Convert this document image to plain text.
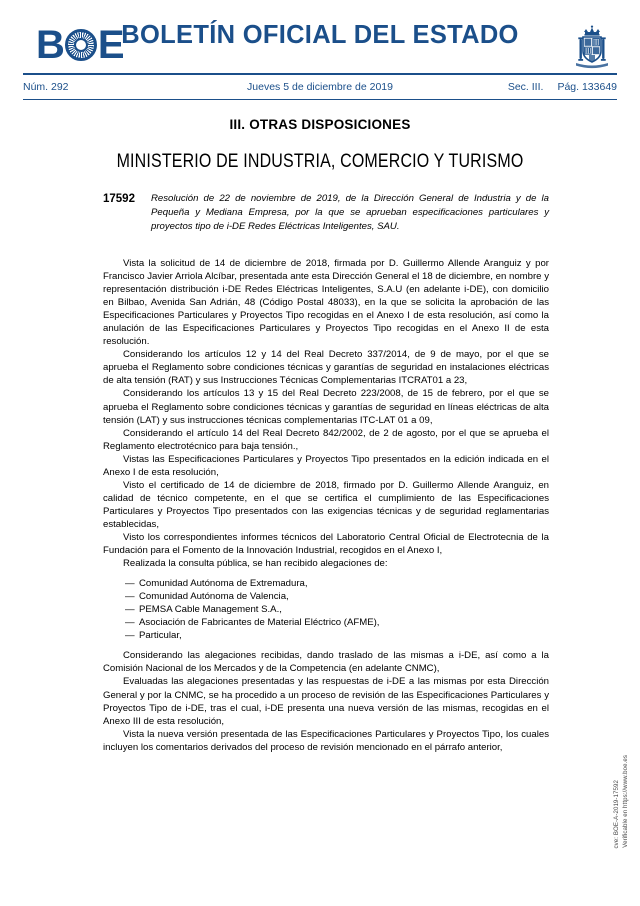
B E
BOLETÍN OFICIAL DEL ESTADO
Núm. 292	Jueves 5 de diciembre de 2019	Sec. III. Pág. 133649
III. OTRAS DISPOSICIONES
MINISTERIO DE INDUSTRIA, COMERCIO Y TURISMO
17592	Resolución de 22 de noviembre de 2019, de la Dirección General de Industria y de la Pequeña y Mediana Empresa, por la que se aprueban especificaciones particulares y proyectos tipo de i-DE Redes Eléctricas Inteligentes, SAU.

Vista la solicitud de 14 de diciembre de 2018, firmada por D. Guillermo Allende Aranguiz y por Francisco Javier Arriola Alcíbar, presentada ante esta Dirección General el 18 de diciembre, en nombre y representación distribución i-DE Redes Eléctricas Inteligentes, S.A.U (en adelante i-DE), con domicilio en Bilbao, Avenida San Adrián, 48 (Código Postal 48033), en la que se solicita la aprobación de las Especificaciones Particulares y Proyectos Tipo recogidas en el Anexo I de esta resolución, así como la anulación de las Especificaciones Particulares y Proyectos Tipo recogidas en el Anexo II de esta resolución.

Considerando los artículos 12 y 14 del Real Decreto 337/2014, de 9 de mayo, por el que se aprueba el Reglamento sobre condiciones técnicas y garantías de seguridad en instalaciones eléctricas de alta tensión (RAT) y sus Instrucciones Técnicas Complementarias ITCRAT01 a 23,

Considerando los artículos 13 y 15 del Real Decreto 223/2008, de 15 de febrero, por el que se aprueba el Reglamento sobre condiciones técnicas y garantías de seguridad en líneas eléctricas de alta tensión (LAT) y sus instrucciones técnicas complementarias ITC-LAT 01 a 09,

Considerando el artículo 14 del Real Decreto 842/2002, de 2 de agosto, por el que se aprueba el Reglamento electrotécnico para baja tensión.,

Vistas las Especificaciones Particulares y Proyectos Tipo presentados en la edición indicada en el Anexo I de esta resolución,

Visto el certificado de 14 de diciembre de 2018, firmado por D. Guillermo Allende Aranguiz, en calidad de técnico competente, en el que se certifica el cumplimiento de las Especificaciones Particulares y Proyectos Tipo presentados con las exigencias técnicas y de seguridad reglamentarias establecidas,

Visto los correspondientes informes técnicos del Laboratorio Central Oficial de Electrotecnia de la Fundación para el Fomento de la Innovación Industrial, recogidos en el Anexo I,

Realizada la consulta pública, se han recibido alegaciones de:

— Comunidad Autónoma de Extremadura,
— Comunidad Autónoma de Valencia,
— PEMSA Cable Management S.A.,
— Asociación de Fabricantes de Material Eléctrico (AFME),
— Particular,

Considerando las alegaciones recibidas, dando traslado de las mismas a i-DE, así como a la Comisión Nacional de los Mercados y de la Competencia (en adelante CNMC),

Evaluadas las alegaciones presentadas y las respuestas de i-DE a las mismas por esta Dirección General y por la CNMC, se ha procedido a un proceso de revisión de las Especificaciones Particulares y Proyectos Tipo de i-DE, tras el cual, i-DE presenta una nueva versión de las mismas, recogidas en el Anexo III de esta resolución,

Vista la nueva versión presentada de las Especificaciones Particulares y Proyectos Tipo, los cuales incluyen los comentarios derivados del proceso de revisión mencionado en el párrafo anterior,

cve: BOE-A-2019-17592 Verificable en https://www.boe.es
